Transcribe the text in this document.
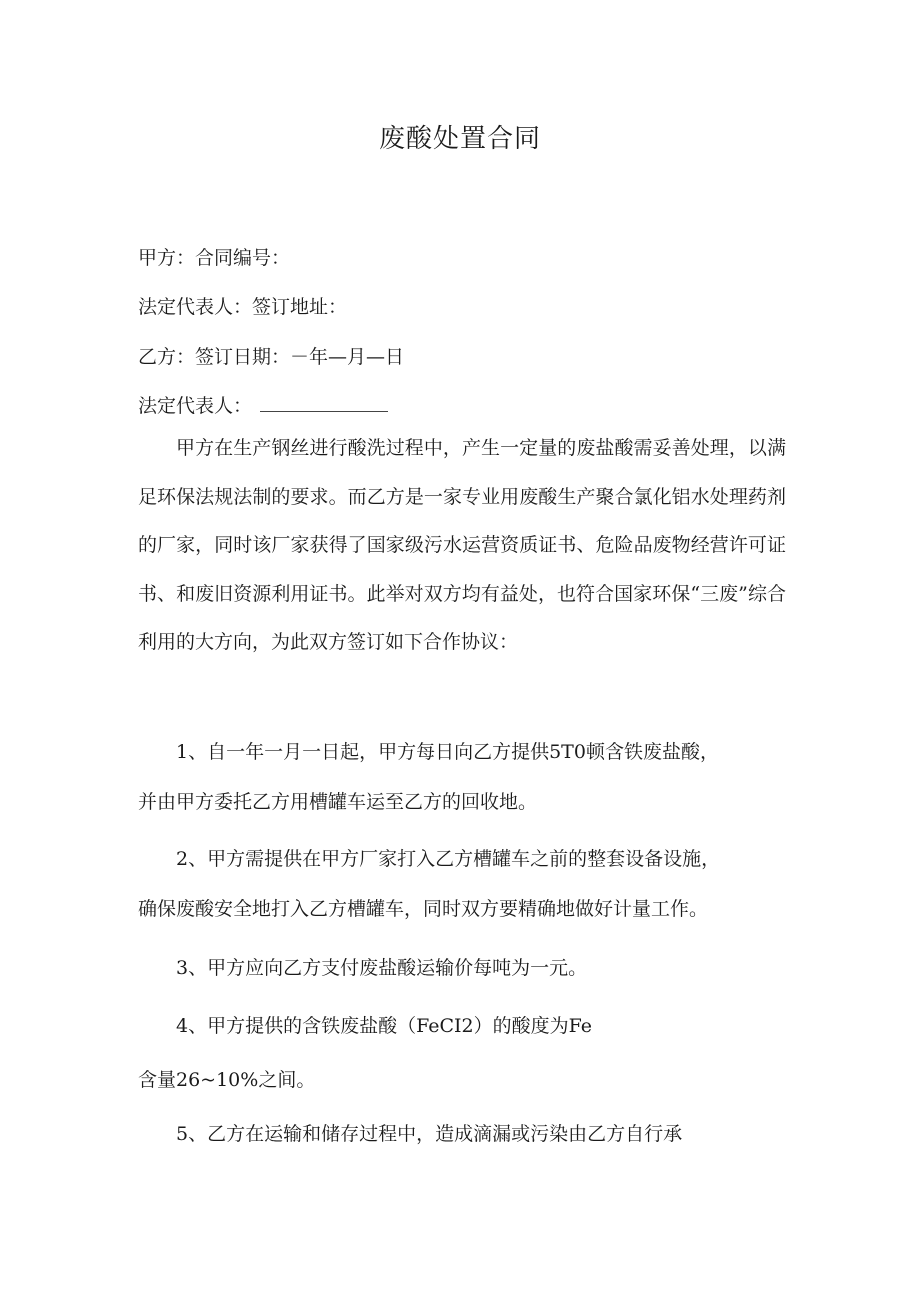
废酸处置合同
甲方：合同编号：
法定代表人：签订地址：
乙方：签订日期：－年—月—日
法定代表人：
甲方在生产钢丝进行酸洗过程中，产生一定量的废盐酸需妥善处理，以满足环保法规法制的要求。而乙方是一家专业用废酸生产聚合氯化铝水处理药剂的厂家，同时该厂家获得了国家级污水运营资质证书、危险品废物经营许可证书、和废旧资源利用证书。此举对双方均有益处，也符合国家环保“三废”综合利用的大方向，为此双方签订如下合作协议：
1、自一年一月一日起，甲方每日向乙方提供5T0顿含铁废盐酸，
并由甲方委托乙方用槽罐车运至乙方的回收地。
2、甲方需提供在甲方厂家打入乙方槽罐车之前的整套设备设施，
确保废酸安全地打入乙方槽罐车，同时双方要精确地做好计量工作。
3、甲方应向乙方支付废盐酸运输价每吨为一元。
4、甲方提供的含铁废盐酸（FeCI2）的酸度为Fe
含量26~10%之间。
5、乙方在运输和储存过程中，造成滴漏或污染由乙方自行承
